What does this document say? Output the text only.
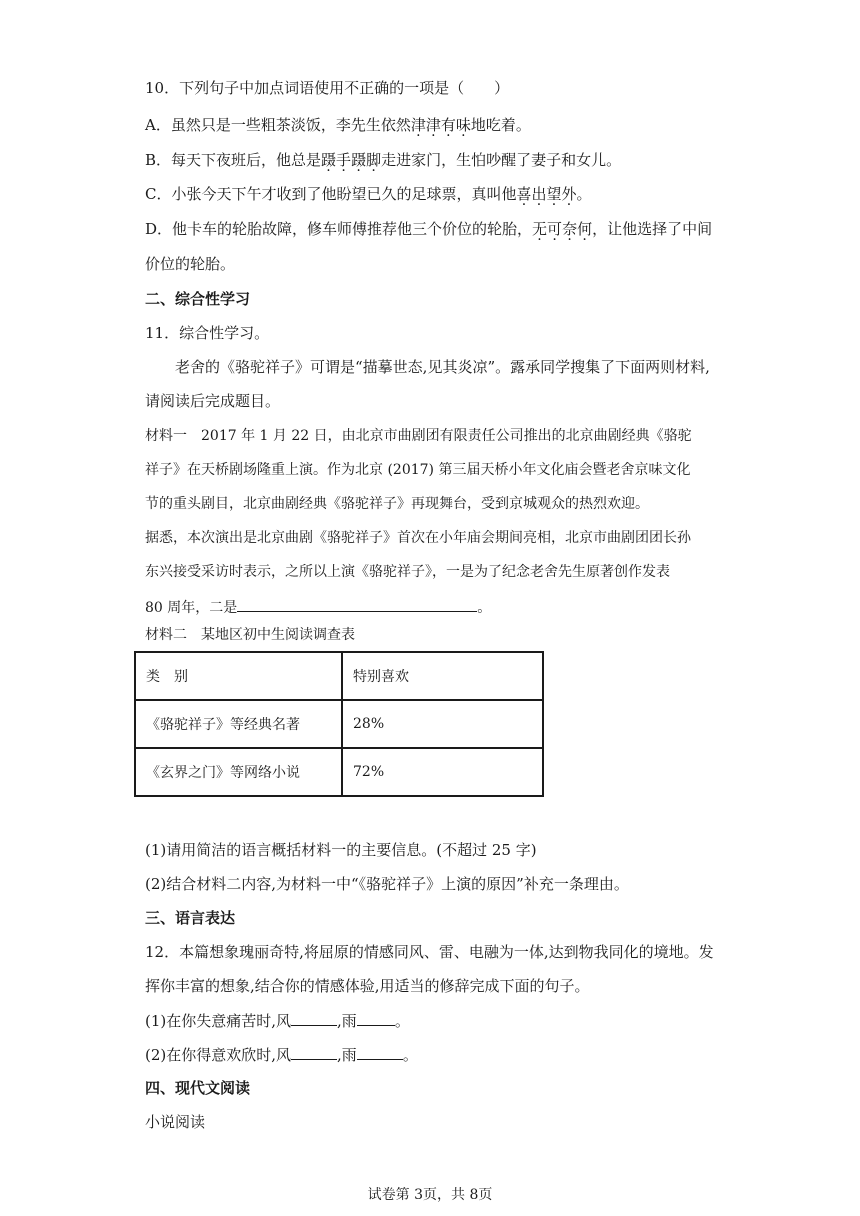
10．下列句子中加点词语使用不正确的一项是（　　）
A．虽然只是一些粗茶淡饭，李先生依然津津有味地吃着。
B．每天下夜班后，他总是蹑手蹑脚走进家门，生怕吵醒了妻子和女儿。
C．小张今天下午才收到了他盼望已久的足球票，真叫他喜出望外。
D．他卡车的轮胎故障，修车师傅推荐他三个价位的轮胎，无可奈何，让他选择了中间
价位的轮胎。
二、综合性学习
11．综合性学习。
老舍的《骆驼祥子》可谓是“描摹世态,见其炎凉”。露承同学搜集了下面两则材料,
请阅读后完成题目。
材料一　2017 年 1 月 22 日，由北京市曲剧团有限责任公司推出的北京曲剧经典《骆驼
祥子》在天桥剧场隆重上演。作为北京 (2017) 第三届天桥小年文化庙会暨老舍京味文化
节的重头剧目，北京曲剧经典《骆驼祥子》再现舞台，受到京城观众的热烈欢迎。
据悉，本次演出是北京曲剧《骆驼祥子》首次在小年庙会期间亮相，北京市曲剧团团长孙
东兴接受采访时表示，之所以上演《骆驼祥子》，一是为了纪念老舍先生原著创作发表
80 周年，二是	。
材料二　某地区初中生阅读调查表
类　别	特别喜欢
《骆驼祥子》等经典名著	28%
《玄界之门》等网络小说	72%
(1)请用简洁的语言概括材料一的主要信息。(不超过 25 字)
(2)结合材料二内容,为材料一中“《骆驼祥子》上演的原因”补充一条理由。
三、语言表达
12．本篇想象瑰丽奇特,将屈原的情感同风、雷、电融为一体,达到物我同化的境地。发
挥你丰富的想象,结合你的情感体验,用适当的修辞完成下面的句子。
(1)在你失意痛苦时,风	,雨	。
(2)在你得意欢欣时,风	,雨	。
四、现代文阅读
小说阅读
试卷第 3页，共 8页
